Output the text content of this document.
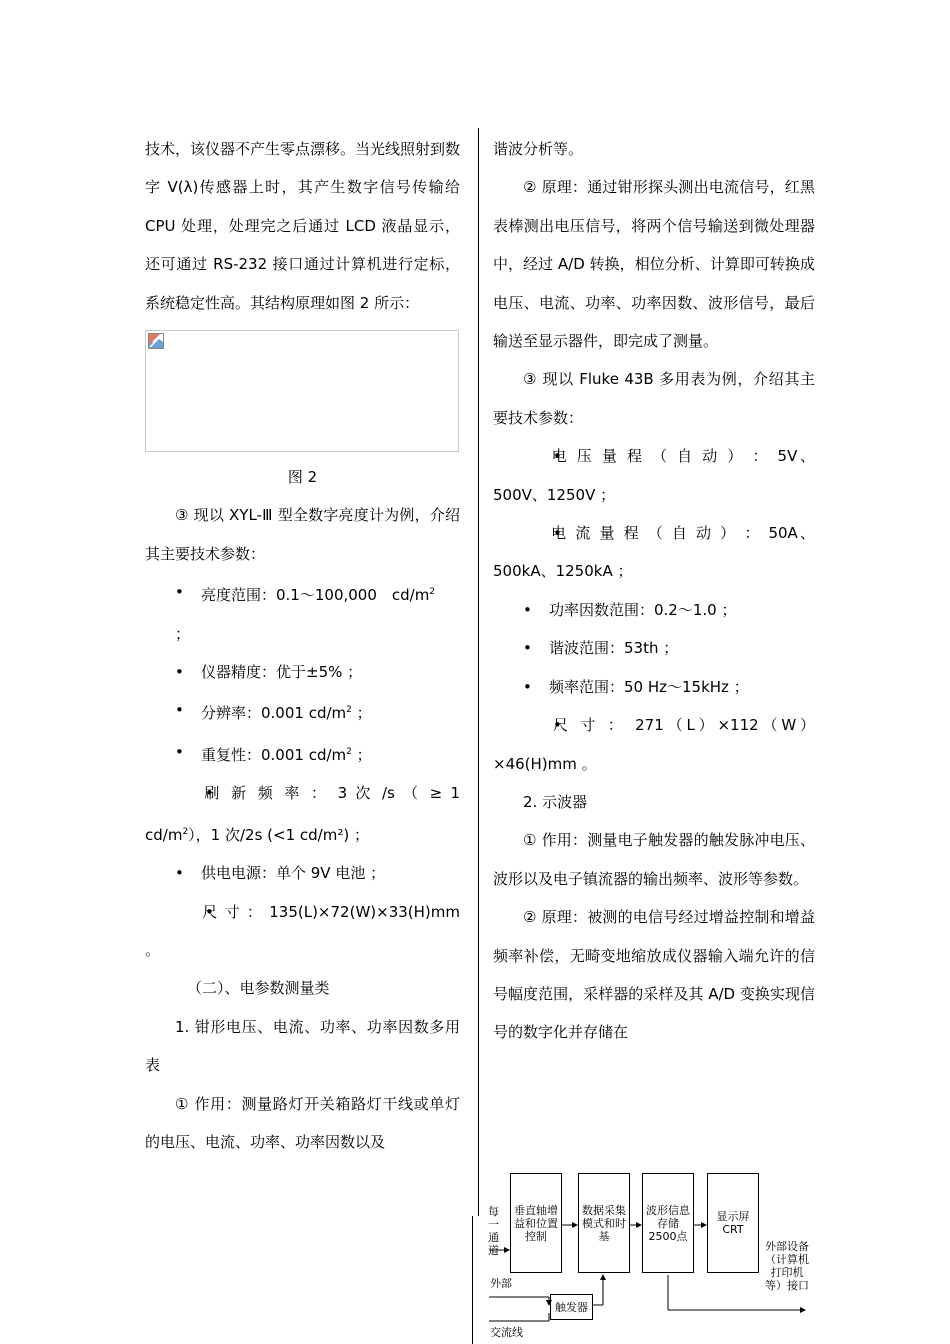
技术，该仪器不产生零点漂移。当光线照射到数字 V(λ)传感器上时，其产生数字信号传输给 CPU 处理，处理完之后通过 LCD 液晶显示，还可通过 RS-232 接口通过计算机进行定标，系统稳定性高。其结构原理如图 2 所示：

图 2

③ 现以 XYL-Ⅲ 型全数字亮度计为例，介绍其主要技术参数：

• 亮度范围：0.1～100,000　$cd/m^2$
；

• 仪器精度：优于±5% ；

• 分辨率：0.001 $cd/m^2$ ；

• 重复性：0.001 $cd/m^2$ ；

• 刷 新 频 率 ： 3 次 /s （ ≥ 1 $cd/m^2$），1 次/2s (<1 cd/m²) ；

• 供电电源：单个 9V 电池 ；

• 尺 寸 ： 135(L)×72(W)×33(H)mm 。

（二）、电参数测量类

1. 钳形电压、电流、功率、功率因数多用表

① 作用：测量路灯开关箱路灯干线或单灯的电压、电流、功率、功率因数以及

谐波分析等。

② 原理：通过钳形探头测出电流信号，红黑表棒测出电压信号，将两个信号输送到微处理器中，经过 A/D 转换，相位分析、计算即可转换成电压、电流、功率、功率因数、波形信号，最后输送至显示器件，即完成了测量。

③ 现以 Fluke 43B 多用表为例，介绍其主要技术参数：

• 电 压 量 程 （ 自 动 ） ： 5V、500V、1250V ；

• 电 流 量 程 （ 自 动 ） ： 50A、500kA、1250kA ；

• 功率因数范围：0.2～1.0 ；

• 谐波范围：53th ；

• 频率范围：50 Hz～15kHz ；

• 尺 寸 ： 271（L）×112（W）×46(H)mm 。

2. 示波器

① 作用：测量电子触发器的触发脉冲电压、波形以及电子镇流器的输出频率、波形等参数。

② 原理：被测的电信号经过增益控制和增益频率补偿，无畸变地缩放成仪器输入端允许的信号幅度范围，采样器的采样及其 A/D 变换实现信号的数字化并存储在

每一通道
垂直轴增益和位置控制
数据采集模式和时基
波形信息存储 2500点
显示屏 CRT
外部
触发器
交流线
外部设备（计算机打印机等）接口
